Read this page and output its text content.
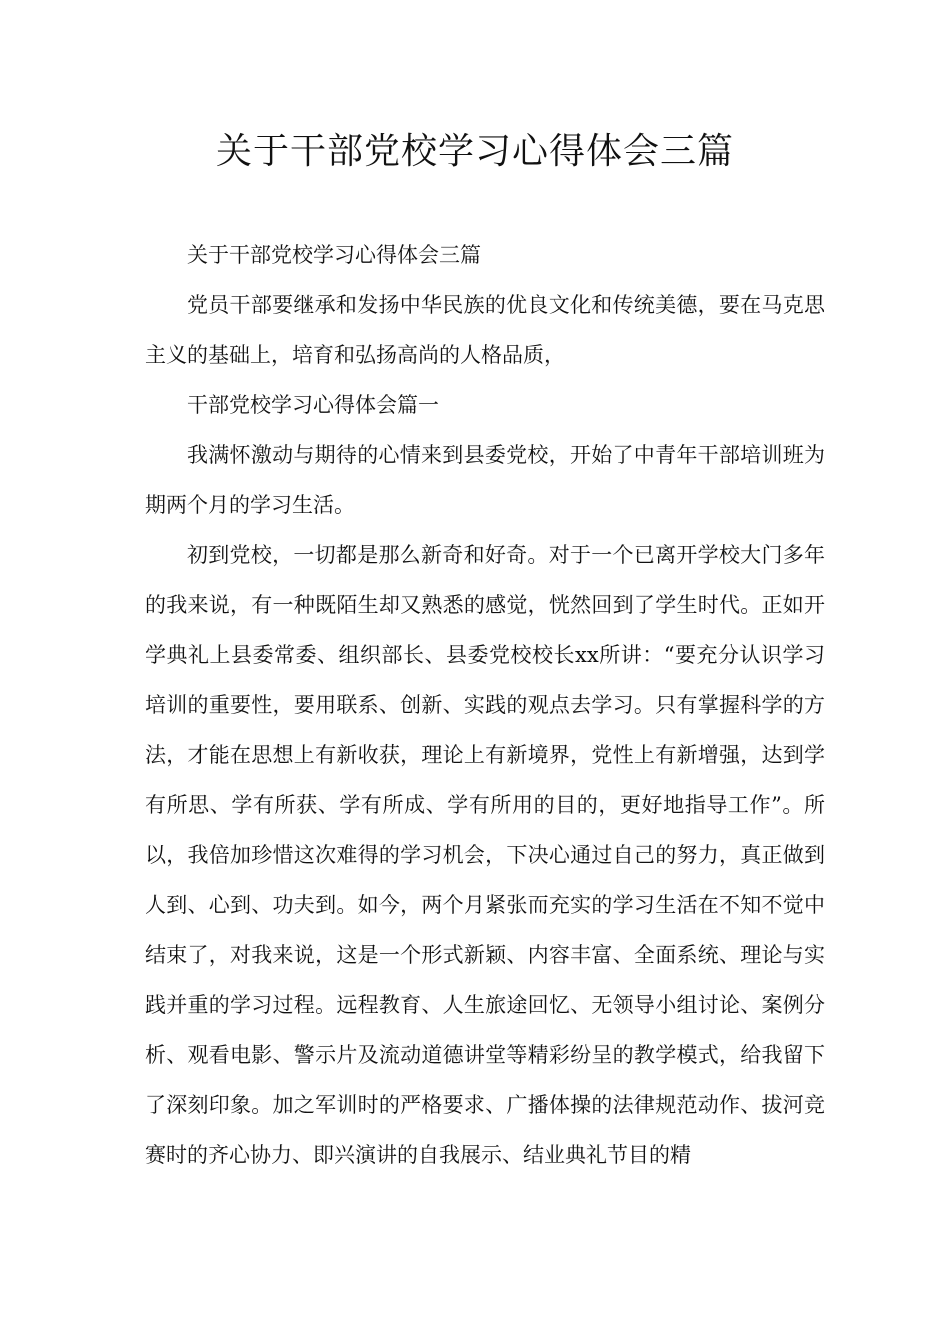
关于干部党校学习心得体会三篇

关于干部党校学习心得体会三篇

党员干部要继承和发扬中华民族的优良文化和传统美德，要在马克思主义的基础上，培育和弘扬高尚的人格品质，

干部党校学习心得体会篇一

我满怀激动与期待的心情来到县委党校，开始了中青年干部培训班为期两个月的学习生活。

初到党校，一切都是那么新奇和好奇。对于一个已离开学校大门多年的我来说，有一种既陌生却又熟悉的感觉，恍然回到了学生时代。正如开学典礼上县委常委、组织部长、县委党校校长xx所讲：“要充分认识学习培训的重要性，要用联系、创新、实践的观点去学习。只有掌握科学的方法，才能在思想上有新收获，理论上有新境界，党性上有新增强，达到学有所思、学有所获、学有所成、学有所用的目的，更好地指导工作”。所以，我倍加珍惜这次难得的学习机会，下决心通过自己的努力，真正做到人到、心到、功夫到。如今，两个月紧张而充实的学习生活在不知不觉中结束了，对我来说，这是一个形式新颖、内容丰富、全面系统、理论与实践并重的学习过程。远程教育、人生旅途回忆、无领导小组讨论、案例分析、观看电影、警示片及流动道德讲堂等精彩纷呈的教学模式，给我留下了深刻印象。加之军训时的严格要求、广播体操的法律规范动作、拔河竞赛时的齐心协力、即兴演讲的自我展示、结业典礼节目的精
